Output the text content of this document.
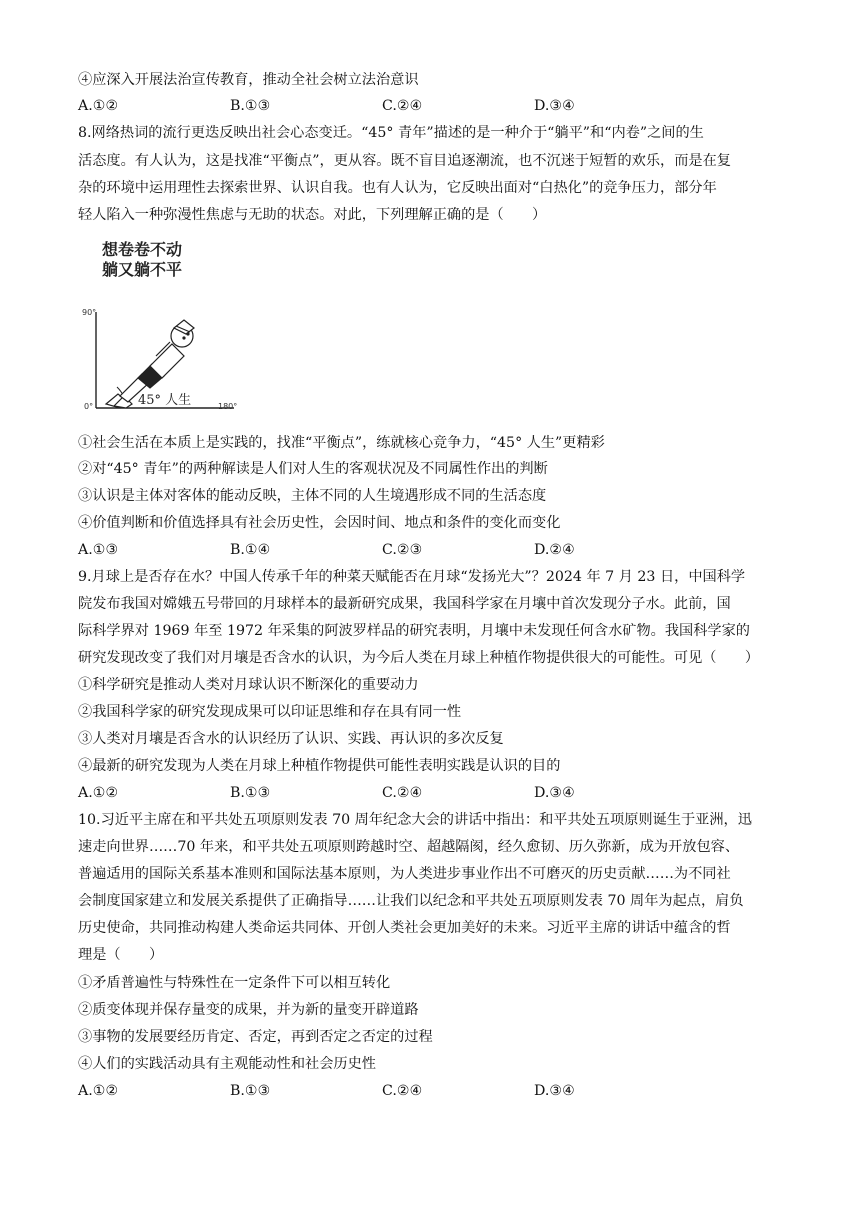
④应深入开展法治宣传教育，推动全社会树立法治意识
A.①②	B.①③	C.②④	D.③④
8.网络热词的流行更迭反映出社会心态变迁。“45° 青年”描述的是一种介于“躺平”和“内卷”之间的生
活态度。有人认为，这是找准“平衡点”，更从容。既不盲目追逐潮流，也不沉迷于短暂的欢乐，而是在复
杂的环境中运用理性去探索世界、认识自我。也有人认为，它反映出面对“白热化”的竞争压力，部分年
轻人陷入一种弥漫性焦虑与无助的状态。对此，下列理解正确的是（　　）
想卷卷不动
躺又躺不平
90°
0°	180°
45° 人生
①社会生活在本质上是实践的，找准“平衡点”，练就核心竞争力，“45° 人生”更精彩
②对“45° 青年”的两种解读是人们对人生的客观状况及不同属性作出的判断
③认识是主体对客体的能动反映，主体不同的人生境遇形成不同的生活态度
④价值判断和价值选择具有社会历史性，会因时间、地点和条件的变化而变化
A.①③	B.①④	C.②③	D.②④
9.月球上是否存在水？中国人传承千年的种菜天赋能否在月球“发扬光大”？2024 年 7 月 23 日，中国科学
院发布我国对嫦娥五号带回的月球样本的最新研究成果，我国科学家在月壤中首次发现分子水。此前，国
际科学界对 1969 年至 1972 年采集的阿波罗样品的研究表明，月壤中未发现任何含水矿物。我国科学家的
研究发现改变了我们对月壤是否含水的认识，为今后人类在月球上种植作物提供很大的可能性。可见（　　）
①科学研究是推动人类对月球认识不断深化的重要动力
②我国科学家的研究发现成果可以印证思维和存在具有同一性
③人类对月壤是否含水的认识经历了认识、实践、再认识的多次反复
④最新的研究发现为人类在月球上种植作物提供可能性表明实践是认识的目的
A.①②	B.①③	C.②④	D.③④
10.习近平主席在和平共处五项原则发表 70 周年纪念大会的讲话中指出：和平共处五项原则诞生于亚洲，迅
速走向世界……70 年来，和平共处五项原则跨越时空、超越隔阂，经久愈韧、历久弥新，成为开放包容、
普遍适用的国际关系基本准则和国际法基本原则，为人类进步事业作出不可磨灭的历史贡献……为不同社
会制度国家建立和发展关系提供了正确指导……让我们以纪念和平共处五项原则发表 70 周年为起点，肩负
历史使命，共同推动构建人类命运共同体、开创人类社会更加美好的未来。习近平主席的讲话中蕴含的哲
理是（　　）
①矛盾普遍性与特殊性在一定条件下可以相互转化
②质变体现并保存量变的成果，并为新的量变开辟道路
③事物的发展要经历肯定、否定，再到否定之否定的过程
④人们的实践活动具有主观能动性和社会历史性
A.①②	B.①③	C.②④	D.③④
